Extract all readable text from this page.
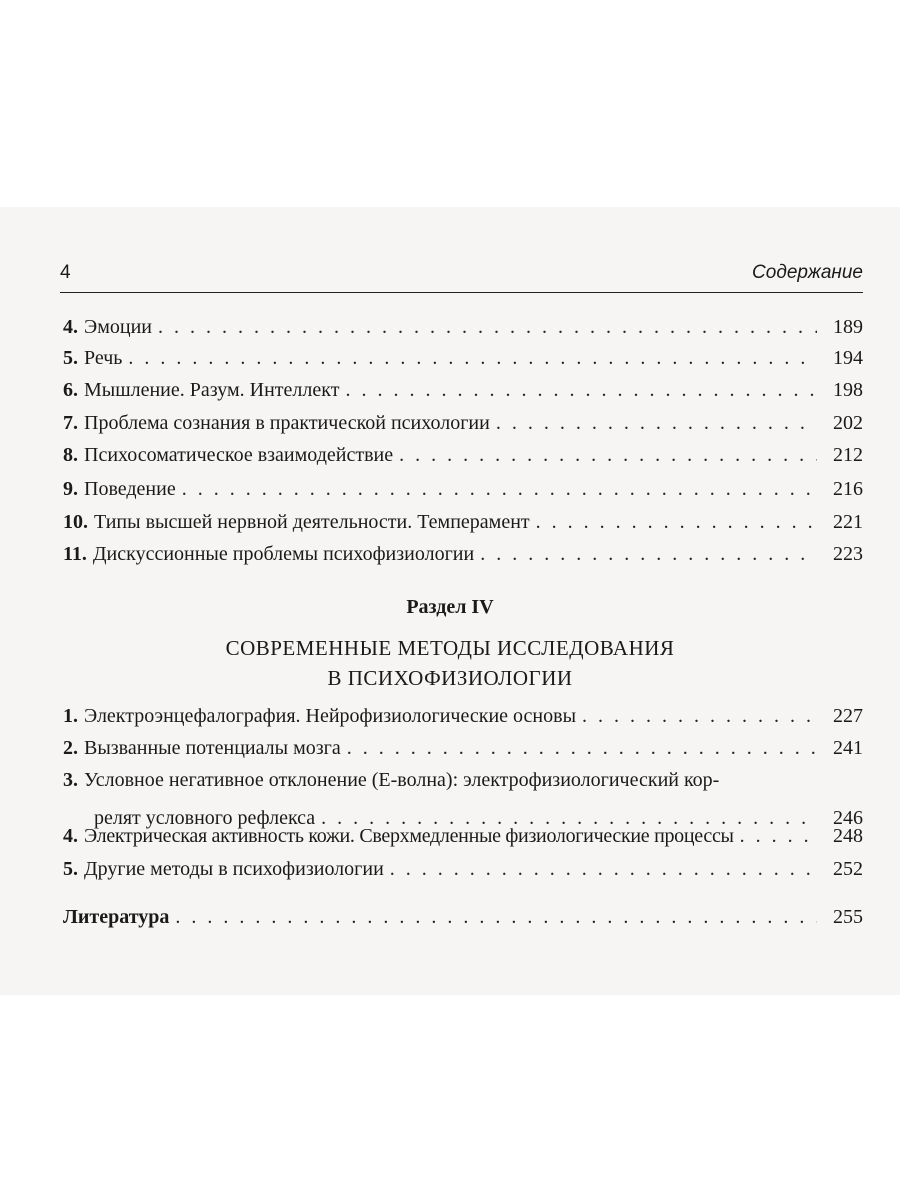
4	Содержание
4. Эмоции . . .	189
5. Речь . . .	194
6. Мышление. Разум. Интеллект . . .	198
7. Проблема сознания в практической психологии . . .	202
8. Психосоматическое взаимодействие . . .	212
9. Поведение . . .	216
10. Типы высшей нервной деятельности. Темперамент . . .	221
11. Дискуссионные проблемы психофизиологии . . .	223
Раздел IV
СОВРЕМЕННЫЕ МЕТОДЫ ИССЛЕДОВАНИЯ
В ПСИХОФИЗИОЛОГИИ
1. Электроэнцефалография. Нейрофизиологические основы . . .	227
2. Вызванные потенциалы мозга . . .	241
3. Условное негативное отклонение (Е-волна): электрофизиологический кор-
релят условного рефлекса . . .	246
4. Электрическая активность кожи. Сверхмедленные физиологические процессы . . .	248
5. Другие методы в психофизиологии . . .	252
Литература . . .	255
